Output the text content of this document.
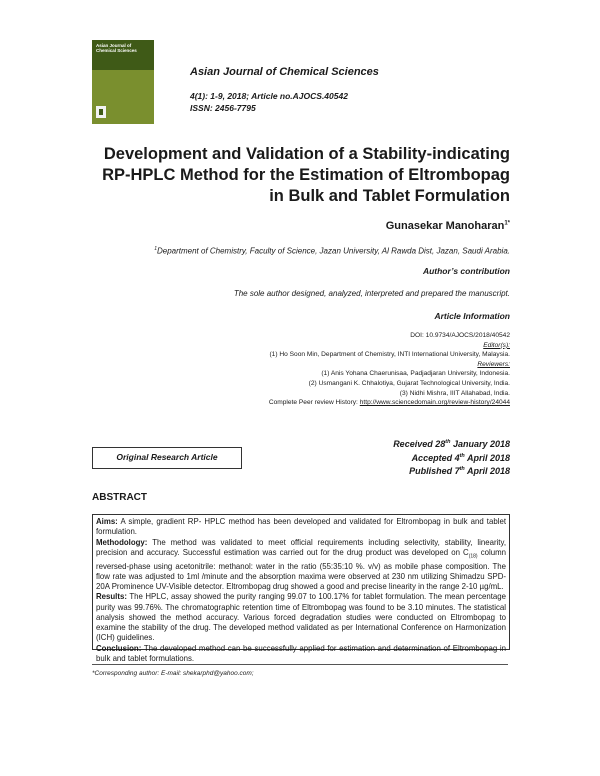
Asian Journal of Chemical Sciences
Asian Journal of Chemical Sciences
4(1): 1-9, 2018; Article no.AJOCS.40542
ISSN: 2456-7795
Development and Validation of a Stability-indicating
RP-HPLC Method for the Estimation of Eltrombopag
in Bulk and Tablet Formulation
Gunasekar Manoharan$^{1*}$
$^1$Department of Chemistry, Faculty of Science, Jazan University, Al Rawda Dist, Jazan, Saudi Arabia.
Author’s contribution
The sole author designed, analyzed, interpreted and prepared the manuscript.
Article Information
DOI: 10.9734/AJOCS/2018/40542
Editor(s):
(1) Ho Soon Min, Department of Chemistry, INTI International University, Malaysia.
Reviewers:
(1) Anis Yohana Chaerunisaa, Padjadjaran University, Indonesia.
(2) Usmangani K. Chhalotiya, Gujarat Technological University, India.
(3) Nidhi Mishra, IIIT Allahabad, India.
Complete Peer review History: http://www.sciencedomain.org/review-history/24044
Original Research Article
Received 28th January 2018
Accepted 4th April 2018
Published 7th April 2018
ABSTRACT

Aims: A simple, gradient RP- HPLC method has been developed and validated for Eltrombopag in bulk and tablet formulation.

Methodology: The method was validated to meet official requirements including selectivity, stability, linearity, precision and accuracy. Successful estimation was carried out for the drug product was developed on $C_{(18)}$ column reversed-phase using acetonitrile: methanol: water in the ratio (55:35:10 %. v/v) as mobile phase composition. The flow rate was adjusted to 1ml /minute and the absorption maxima were observed at 230 nm utilizing Shimadzu SPD-20A Prominence UV-Visible detector. Eltrombopag drug showed a good and precise linearity in the range 2-10 µg/mL.

Results: The HPLC, assay showed the purity ranging 99.07 to 100.17% for tablet formulation. The mean percentage purity was 99.76%. The chromatographic retention time of Eltrombopag was found to be 3.10 minutes. The statistical analysis showed the method accuracy. Various forced degradation studies were conducted on Eltrombopag to examine the stability of the drug. The developed method validated as per International Conference on Harmonization (ICH) guidelines.

Conclusion: The developed method can be successfully applied for estimation and determination of Eltrombopag in bulk and tablet formulations.

*Corresponding author: E-mail: shekarphd@yahoo.com;
